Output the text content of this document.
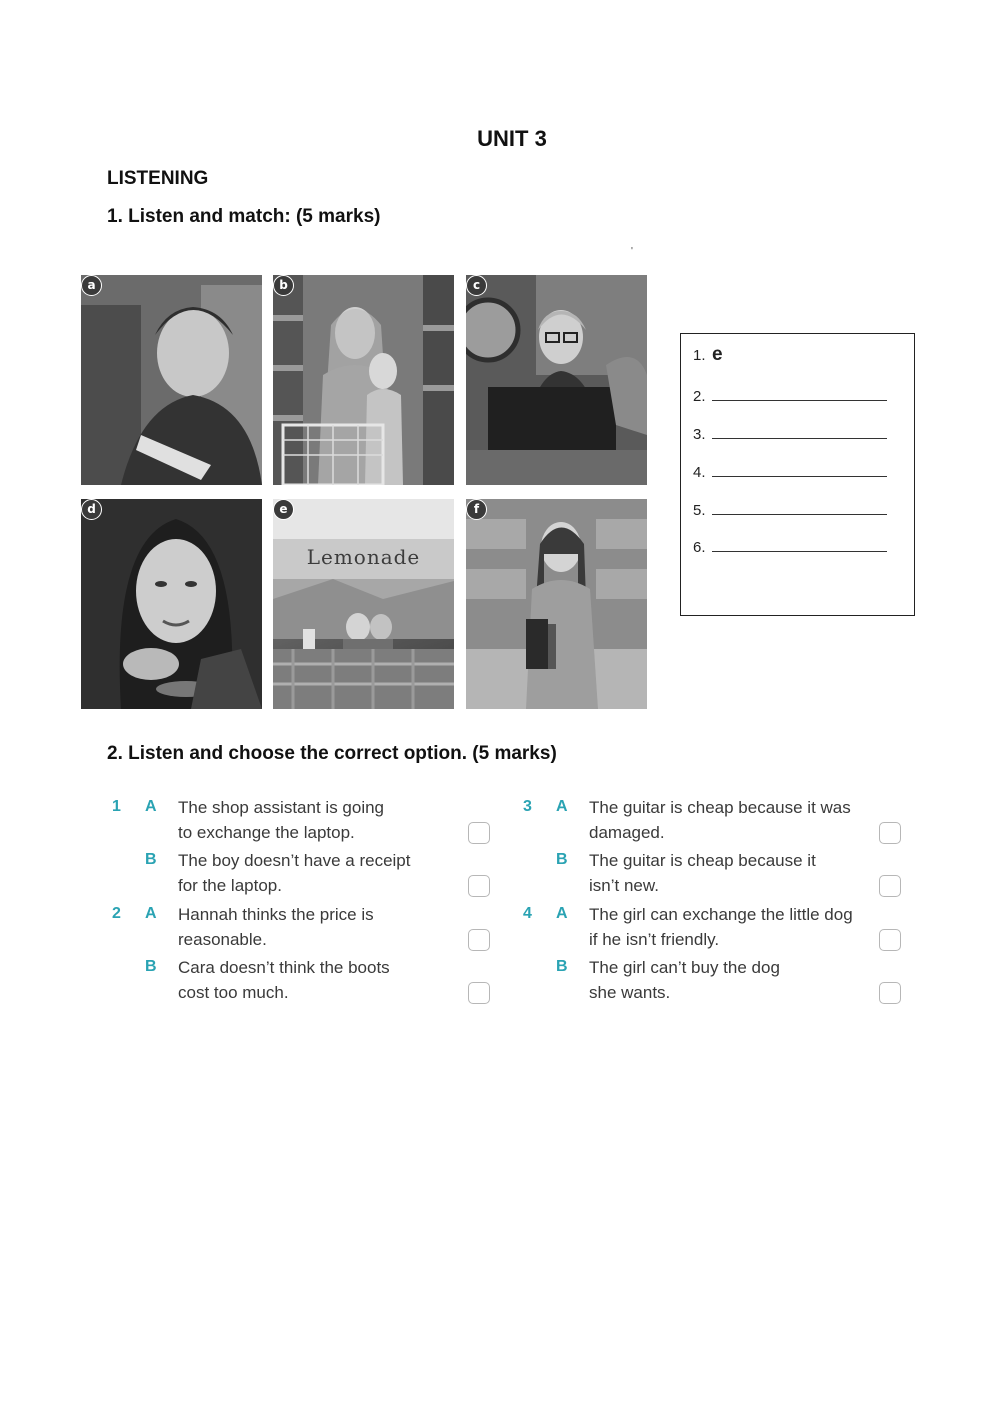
UNIT 3
LISTENING
1. Listen and match: (5 marks)
'
a	b	c
d
Lemonade
e	f
1. e
2.
3.
4.
5.
6.
2. Listen and choose the correct option. (5 marks)
1 A The shop assistant is going
to exchange the laptop.
B The boy doesn’t have a receipt
for the laptop.
2 A Hannah thinks the price is
reasonable.
B Cara doesn’t think the boots
cost too much.
3 A The guitar is cheap because it was
damaged.
B The guitar is cheap because it
isn’t new.
4 A The girl can exchange the little dog
if he isn’t friendly.
B The girl can’t buy the dog
she wants.
